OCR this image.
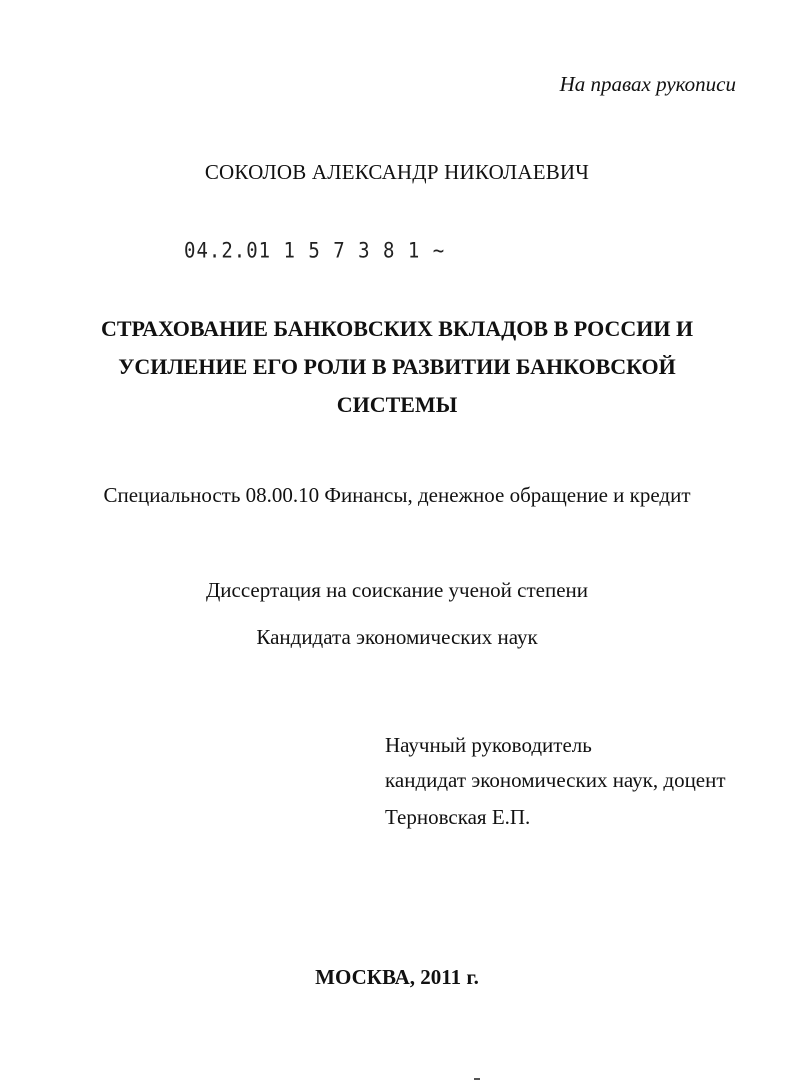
На правах рукописи
СОКОЛОВ АЛЕКСАНДР НИКОЛАЕВИЧ
04.2.01 1 5 7 3 8 1 ~
СТРАХОВАНИЕ БАНКОВСКИХ ВКЛАДОВ В РОССИИ И
УСИЛЕНИЕ ЕГО РОЛИ В РАЗВИТИИ БАНКОВСКОЙ
СИСТЕМЫ
Специальность 08.00.10 Финансы, денежное обращение и кредит
Диссертация на соискание ученой степени
Кандидата экономических наук
Научный руководитель
кандидат экономических наук, доцент
Терновская Е.П.
МОСКВА, 2011 г.
